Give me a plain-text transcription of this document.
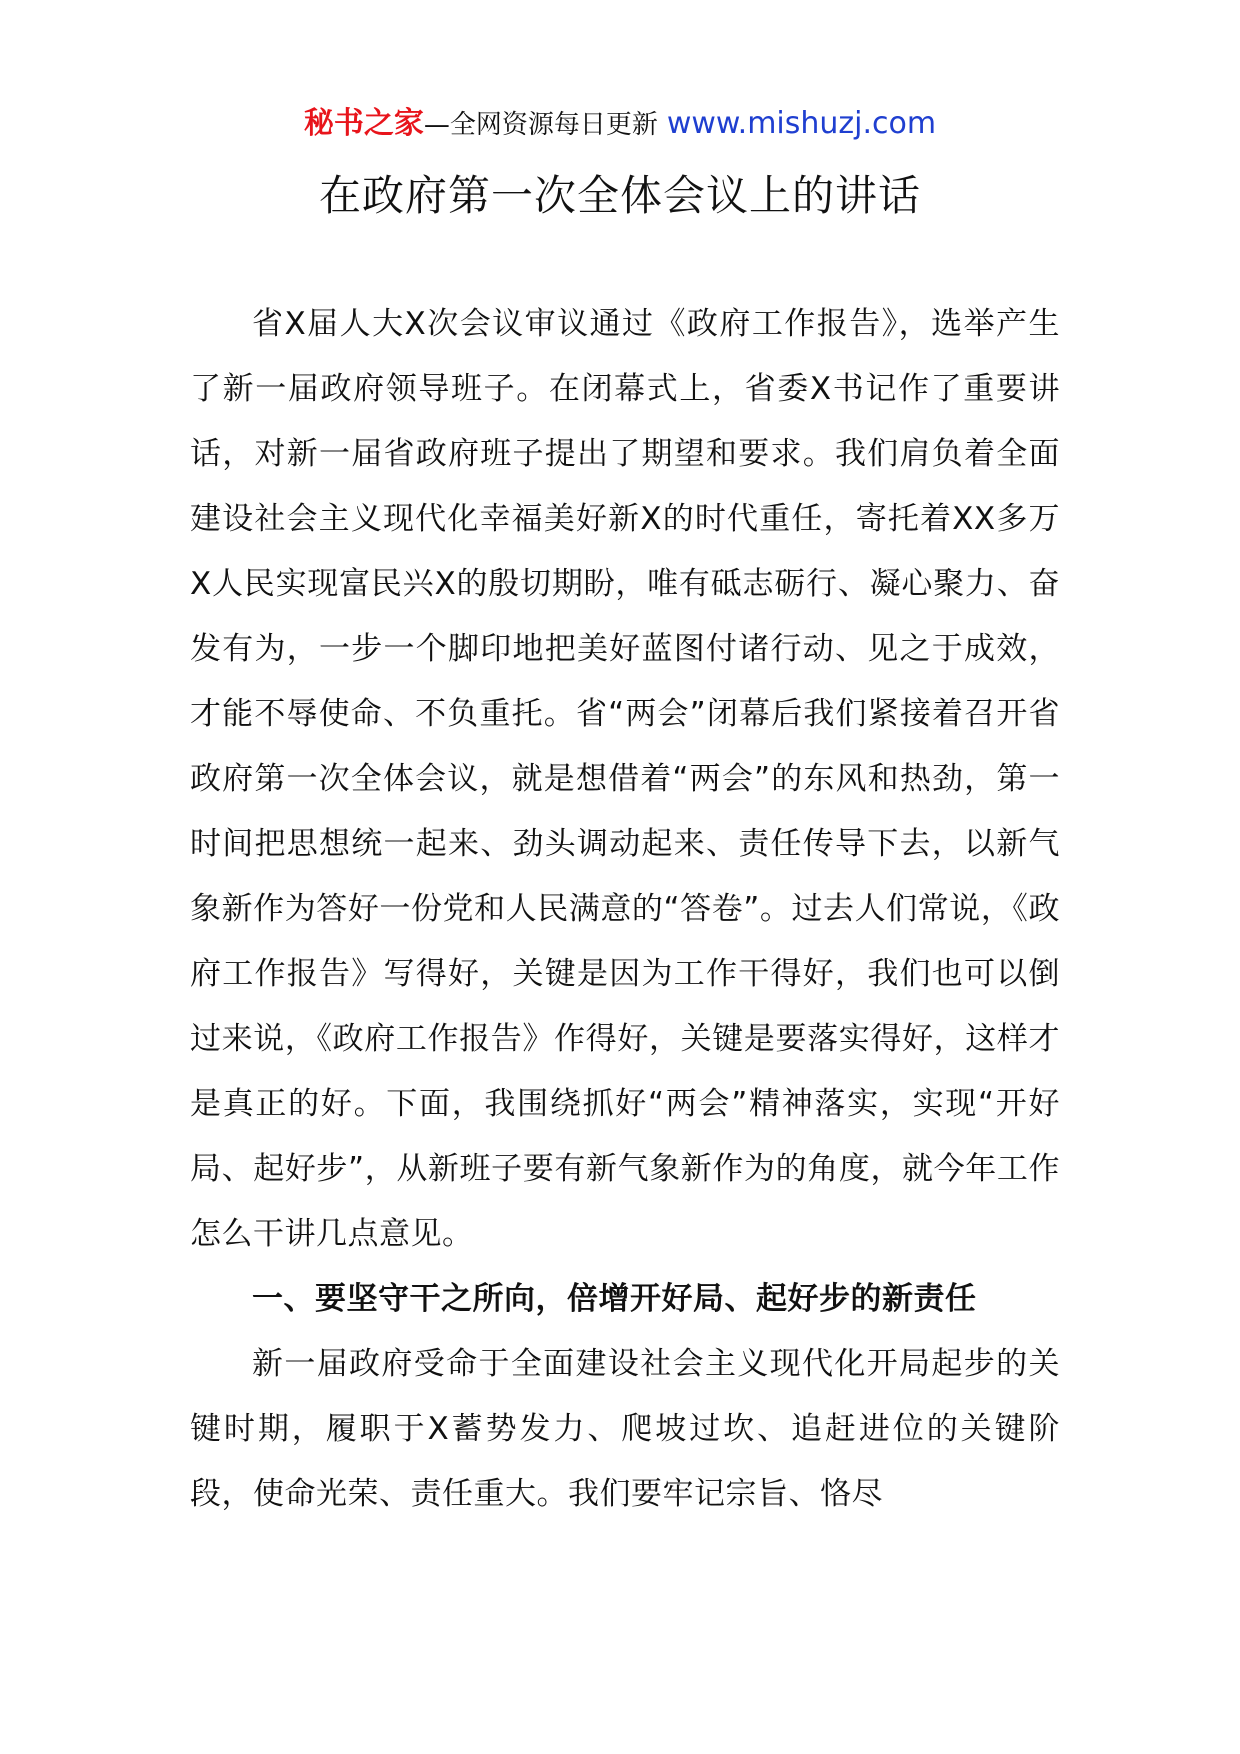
秘书之家—全网资源每日更新 www.mishuzj.com
在政府第一次全体会议上的讲话

省X届人大X次会议审议通过《政府工作报告》，选举产生了新一届政府领导班子。在闭幕式上，省委X书记作了重要讲话，对新一届省政府班子提出了期望和要求。我们肩负着全面建设社会主义现代化幸福美好新X的时代重任，寄托着XX多万X人民实现富民兴X的殷切期盼，唯有砥志砺行、凝心聚力、奋发有为，一步一个脚印地把美好蓝图付诸行动、见之于成效，才能不辱使命、不负重托。省“两会”闭幕后我们紧接着召开省政府第一次全体会议，就是想借着“两会”的东风和热劲，第一时间把思想统一起来、劲头调动起来、责任传导下去，以新气象新作为答好一份党和人民满意的“答卷”。过去人们常说，《政府工作报告》写得好，关键是因为工作干得好，我们也可以倒过来说，《政府工作报告》作得好，关键是要落实得好，这样才是真正的好。下面，我围绕抓好“两会”精神落实，实现“开好局、起好步”，从新班子要有新气象新作为的角度，就今年工作怎么干讲几点意见。

一、要坚守干之所向，倍增开好局、起好步的新责任

新一届政府受命于全面建设社会主义现代化开局起步的关键时期，履职于X蓄势发力、爬坡过坎、追赶进位的关键阶段，使命光荣、责任重大。我们要牢记宗旨、恪尽
